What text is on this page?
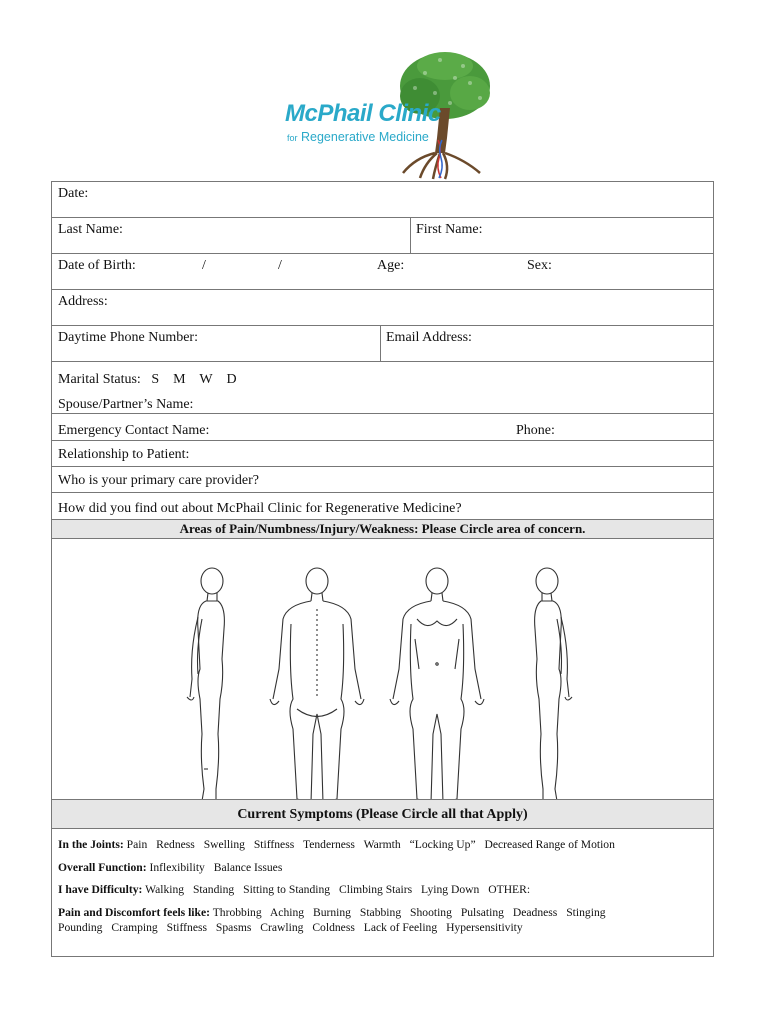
McPhail Clinic
for Regenerative Medicine
Date:
Last Name:	First Name:
Date of Birth:	/	/	Age:	Sex:
Address:
Daytime Phone Number:	Email Address:
Marital Status: S M W D
Spouse/Partner’s Name:
Emergency Contact Name:	Phone:
Relationship to Patient:
Who is your primary care provider?
How did you find out about McPhail Clinic for Regenerative Medicine?
Areas of Pain/Numbness/Injury/Weakness: Please Circle area of concern.
Current Symptoms (Please Circle all that Apply)
In the Joints: Pain Redness Swelling Stiffness Tenderness Warmth “Locking Up” Decreased Range of Motion
Overall Function: Inflexibility Balance Issues
I have Difficulty: Walking Standing Sitting to Standing Climbing Stairs Lying Down OTHER:
Pain and Discomfort feels like: Throbbing Aching Burning Stabbing Shooting Pulsating Deadness Stinging
Pounding Cramping Stiffness Spasms Crawling Coldness Lack of Feeling Hypersensitivity
